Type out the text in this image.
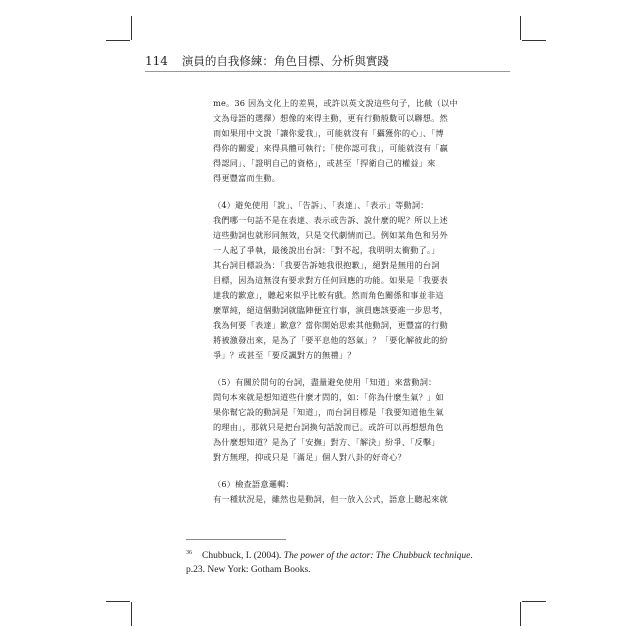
114 演員的自我修練：角色目標、分析與實踐
me。36 因為文化上的差異，或許以英文說這些句子，比截（以中
文為母語的選擇）想像的來得主動，更有行動般數可以聯想。然
而如果用中文說「讓你愛我」，可能就沒有「攝獲你的心」、「博
得你的關愛」來得具體可執行；「使你認可我」，可能就沒有「贏
得認同」、「證明自己的資格」，或甚至「捍衛自己的權益」來
得更豐富而生動。
（4）避免使用「說」、「告訴」、「表達」、「表示」等動詞：
我們哪一句話不是在表達、表示或告訴、說什麼的呢？所以上述
這些動詞也就形同無效，只是交代劇情而已。例如某角色和另外
一人起了爭執，最後說出台詞：「對不起，我明明太衝動了。」
其台詞目標設為：「我要告訴她我很抱歉」，絕對是無用的台詞
目標，因為這無沒有要求對方任何回應的功能。如果是「我要表
達我的歉意」，聽起來似乎比較有戲。然而角色關係和事並非這
麼單純，絕這個動詞就臨陣便宜行事，演員應該要進一步思考，
我為何要「表達」歉意？當你開始思索其他動詞，更豐富的行動
將被激發出來，是為了「要平息他的怒氣」？「要化解彼此的紛
爭」？或甚至「要反諷對方的無禮」？
（5）有關於問句的台詞，盡量避免使用「知道」來當動詞：
問句本來就是想知道些什麼才問的，如：「你為什麼生氣？」如
果你幫它設的動詞是「知道」，而台詞目標是「我要知道他生氣
的理由」，那就只是把台詞換句話說而已。或許可以再想想角色
為什麼想知道？是為了「安撫」對方、「解決」紛爭、「反擊」
對方無理，抑或只是「滿足」個人對八卦的好奇心？
（6）檢查語意邏輯：
有一種狀況是，雖然也是動詞，但一放入公式，語意上聽起來就
$^{36}$ Chubbuck, I. (2004). The power of the actor: The Chubbuck technique. p.23. New York: Gotham Books.
